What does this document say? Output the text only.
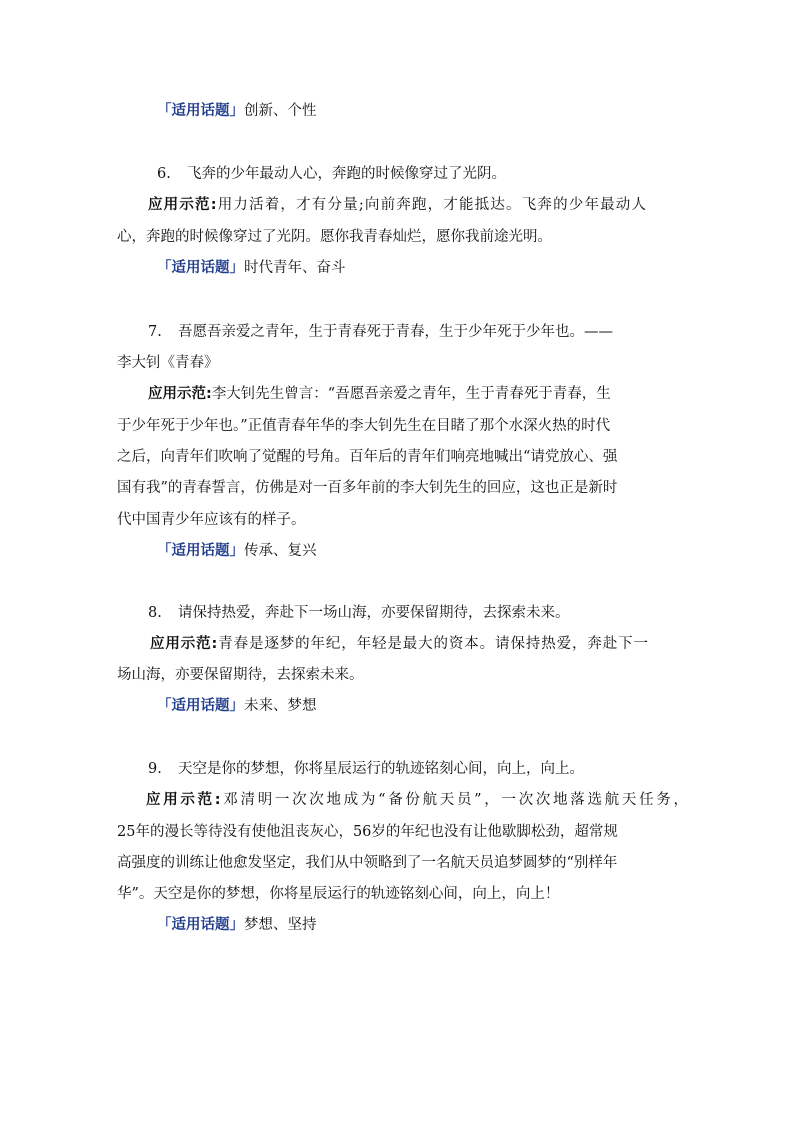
「适用话题」创新、个性
6. 飞奔的少年最动人心，奔跑的时候像穿过了光阴。
应用示范:用力活着，才有分量;向前奔跑，才能抵达。飞奔的少年最动人
心，奔跑的时候像穿过了光阴。愿你我青春灿烂，愿你我前途光明。
「适用话题」时代青年、奋斗
7. 吾愿吾亲爱之青年，生于青春死于青春，生于少年死于少年也。——
李大钊《青春》
应用示范:李大钊先生曾言：“吾愿吾亲爱之青年，生于青春死于青春，生
于少年死于少年也。”正值青春年华的李大钊先生在目睹了那个水深火热的时代
之后，向青年们吹响了觉醒的号角。百年后的青年们响亮地喊出“请党放心、强
国有我”的青春誓言，仿佛是对一百多年前的李大钊先生的回应，这也正是新时
代中国青少年应该有的样子。
「适用话题」传承、复兴
8. 请保持热爱，奔赴下一场山海，亦要保留期待，去探索未来。
应用示范:青春是逐梦的年纪，年轻是最大的资本。请保持热爱，奔赴下一
场山海，亦要保留期待，去探索未来。
「适用话题」未来、梦想
9. 天空是你的梦想，你将星辰运行的轨迹铭刻心间，向上，向上。
应用示范:邓清明一次次地成为“备份航天员”，一次次地落选航天任务，
25年的漫长等待没有使他沮丧灰心，56岁的年纪也没有让他歇脚松劲，超常规
高强度的训练让他愈发坚定，我们从中领略到了一名航天员追梦圆梦的“别样年
华”。天空是你的梦想，你将星辰运行的轨迹铭刻心间，向上，向上！
「适用话题」梦想、坚持
